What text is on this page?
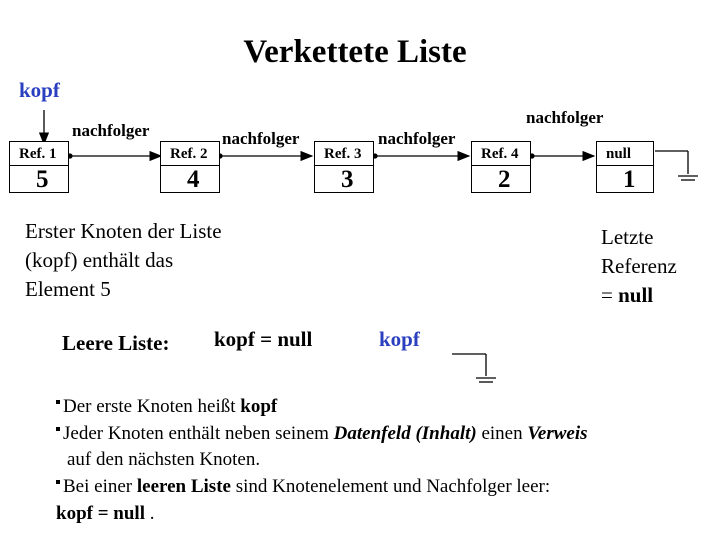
Verkettete Liste
kopf
nachfolger	nachfolger	nachfolger
nachfolger
Ref. 1
5
Ref. 2
4
Ref. 3
3
Ref. 4
2
null
1
Erster Knoten der Liste (kopf) enthält das Element 5
Letzte
Referenz
= null
Leere Liste: kopf = null	kopf
Der erste Knoten heißt kopf
Jeder Knoten enthält neben seinem Datenfeld (Inhalt) einen Verweis
auf den nächsten Knoten.
Bei einer leeren Liste sind Knotenelement und Nachfolger leer:
kopf = null .
